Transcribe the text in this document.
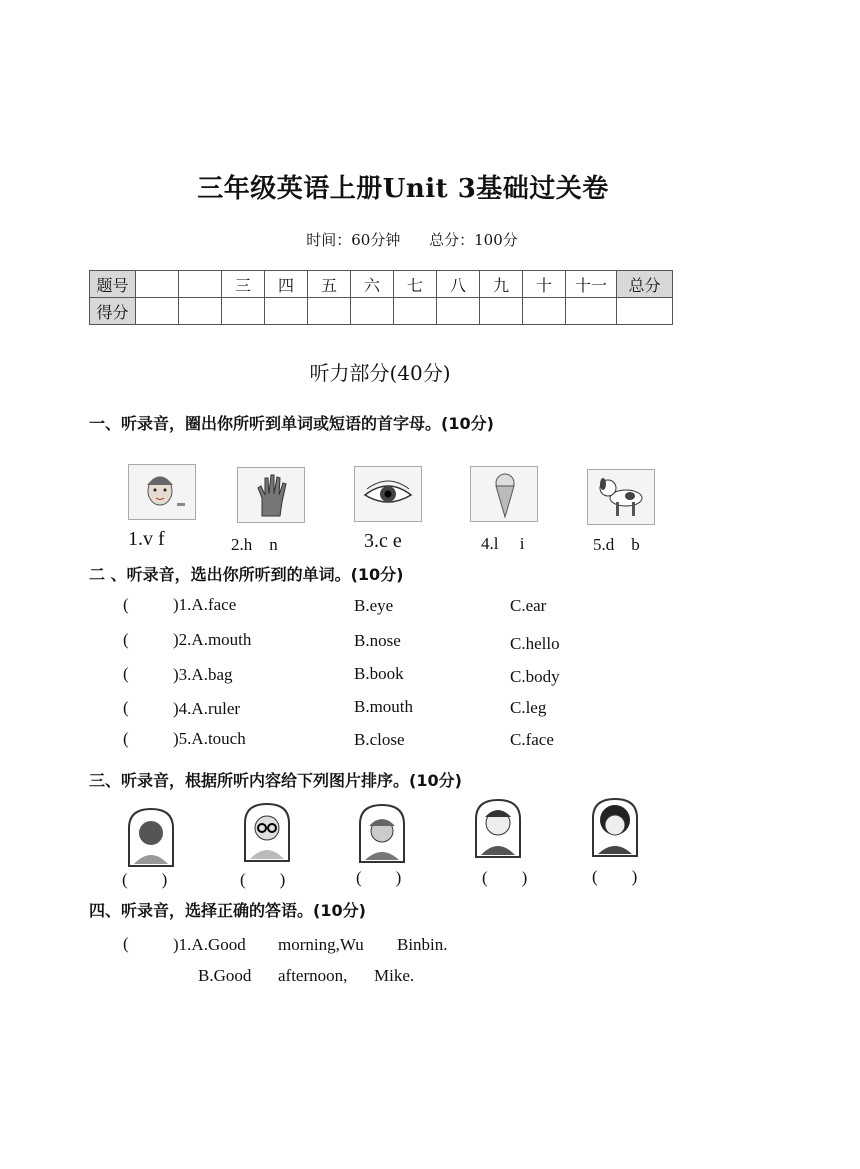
三年级英语上册Unit 3基础过关卷
时间：60分钟 总分：100分
题号			三	四	五	六	七	八	九	十	十一	总分
得分												
听力部分(40分)
一、听录音，圈出你所听到单词或短语的首字母。(10分)
1.v f	2.h    n	3.c e	4.l     i	5.d    b
二 、听录音，选出你所听到的单词。(10分)
(	)1.A.face	B.eye	C.ear
(	)2.A.mouth	B.nose	C.hello
(	)3.A.bag	B.book	C.body
(	)4.A.ruler	B.mouth	C.leg
(	)5.A.touch	B.close	C.face
三、听录音，根据所听内容给下列图片排序。(10分)
(        )	(        )	(        )	(        )	(        )
四、听录音，选择正确的答语。(10分)
(	)1.A.Good morning,Wu Binbin.
B.Good afternoon, Mike.
